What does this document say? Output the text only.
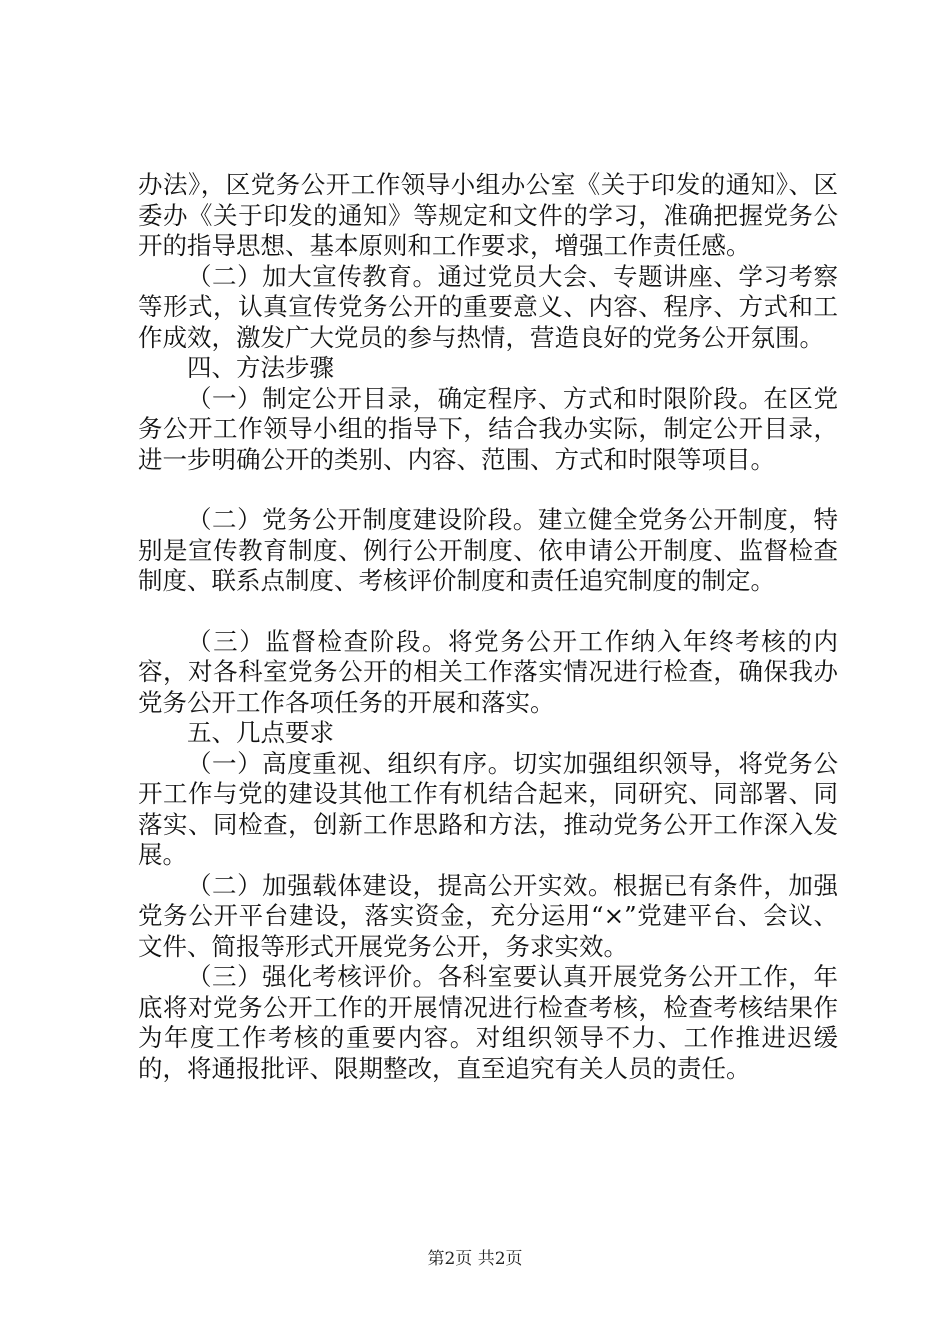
办法》，区党务公开工作领导小组办公室《关于印发的通知》、区委办《关于印发的通知》等规定和文件的学习，准确把握党务公开的指导思想、基本原则和工作要求，增强工作责任感。

（二）加大宣传教育。通过党员大会、专题讲座、学习考察等形式，认真宣传党务公开的重要意义、内容、程序、方式和工作成效，激发广大党员的参与热情，营造良好的党务公开氛围。

四、方法步骤

（一）制定公开目录，确定程序、方式和时限阶段。在区党务公开工作领导小组的指导下，结合我办实际，制定公开目录，进一步明确公开的类别、内容、范围、方式和时限等项目。

（二）党务公开制度建设阶段。建立健全党务公开制度，特别是宣传教育制度、例行公开制度、依申请公开制度、监督检查制度、联系点制度、考核评价制度和责任追究制度的制定。

（三）监督检查阶段。将党务公开工作纳入年终考核的内容，对各科室党务公开的相关工作落实情况进行检查，确保我办党务公开工作各项任务的开展和落实。

五、几点要求

（一）高度重视、组织有序。切实加强组织领导，将党务公开工作与党的建设其他工作有机结合起来，同研究、同部署、同落实、同检查，创新工作思路和方法，推动党务公开工作深入发展。

（二）加强载体建设，提高公开实效。根据已有条件，加强党务公开平台建设，落实资金，充分运用“×”党建平台、会议、文件、简报等形式开展党务公开，务求实效。

（三）强化考核评价。各科室要认真开展党务公开工作，年底将对党务公开工作的开展情况进行检查考核，检查考核结果作为年度工作考核的重要内容。对组织领导不力、工作推进迟缓的，将通报批评、限期整改，直至追究有关人员的责任。

第2页 共2页
